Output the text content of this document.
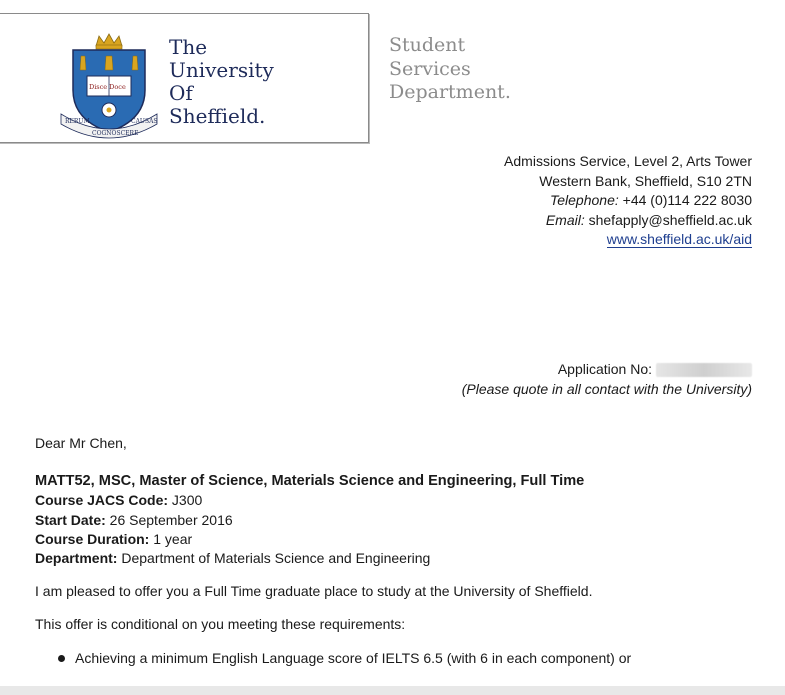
Disce Doce
RERUM
COGNOSCERE
CAUSAS
The
University
Of
Sheffield.
Student
Services
Department.
Admissions Service, Level 2, Arts Tower
Western Bank, Sheffield, S10 2TN
Telephone: +44 (0)114 222 8030
Email: shefapply@sheffield.ac.uk
www.sheffield.ac.uk/aid
Application No:
(Please quote in all contact with the University)
Dear Mr Chen,
MATT52, MSC, Master of Science, Materials Science and Engineering, Full Time
Course JACS Code: J300
Start Date: 26 September 2016
Course Duration: 1 year
Department: Department of Materials Science and Engineering
I am pleased to offer you a Full Time graduate place to study at the University of Sheffield.
This offer is conditional on you meeting these requirements:
Achieving a minimum English Language score of IELTS 6.5 (with 6 in each component) or
